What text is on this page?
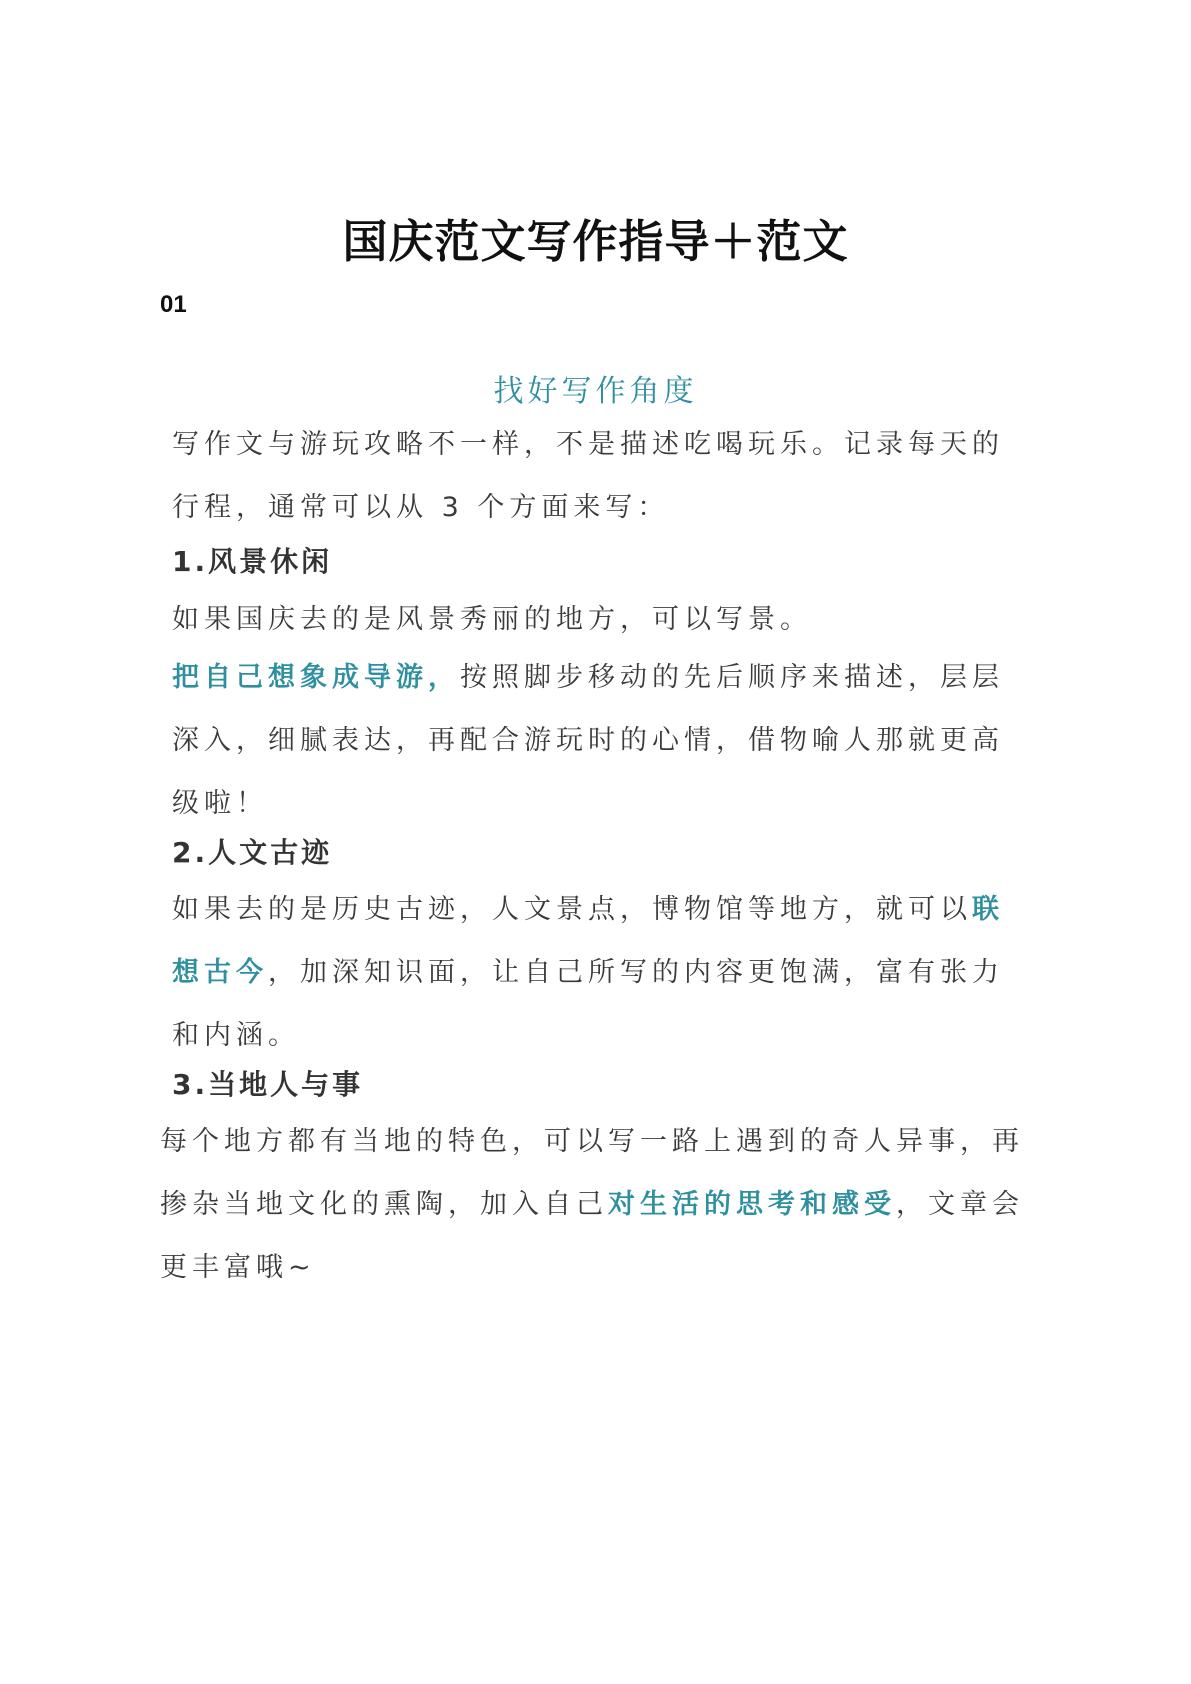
国庆范文写作指导＋范文
01
找好写作角度

写作文与游玩攻略不一样，不是描述吃喝玩乐。记录每天的行程，通常可以从 3 个方面来写：

1.风景休闲

如果国庆去的是风景秀丽的地方，可以写景。

把自己想象成导游，按照脚步移动的先后顺序来描述，层层深入，细腻表达，再配合游玩时的心情，借物喻人那就更高级啦！

2.人文古迹

如果去的是历史古迹，人文景点，博物馆等地方，就可以联想古今，加深知识面，让自己所写的内容更饱满，富有张力和内涵。

3.当地人与事

每个地方都有当地的特色，可以写一路上遇到的奇人异事，再掺杂当地文化的熏陶，加入自己对生活的思考和感受，文章会更丰富哦~
